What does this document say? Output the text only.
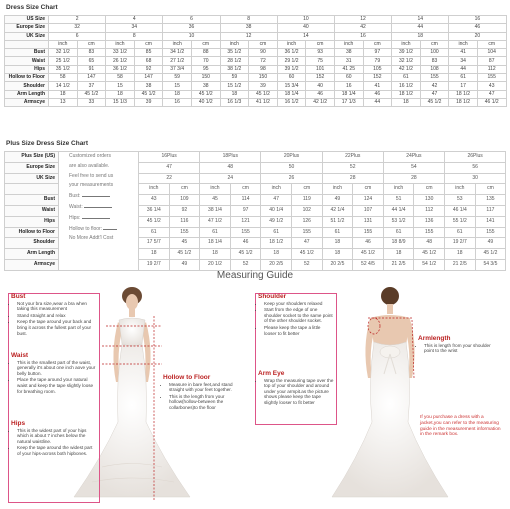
Dress Size Chart
US Size	2		4		6		8		10		12		14		16	
Europe Size	32		34		36		38		40		42		44		46	
UK Size	6		8		10		12		14		16		18		20	
	inch	cm	inch	cm	inch	cm	inch	cm	inch	cm	inch	cm	inch	cm	inch	cm
Bust	32 1/2	83	33 1/2	85	34 1/2	88	35 1/2	90	36 1/2	93	38	97	39 1/2	100	41	104
Waist	25 1/2	65	26 1/2	68	27 1/2	70	28 1/2	72	29 1/2	75	31	79	32 1/2	83	34	87
Hips	35 1/2	91	36 1/2	92	37 3/4	95	38 1/2	98	39 1/2	101	41 25	105	42 1/2	108	44	112
Hollow to Floor	58	147	58	147	59	150	59	150	60	152	60	152	61	155	61	155
Shoulder	14 1/2	37	15	38	15	38	15 1/2	39	15 3/4	40	16	41	16 1/2	42	17	43
Arm Length	18	45 1/2	18	45 1/2	18	45 1/2	18	45 1/2	18 1/4	46	18 1/4	46	18 1/2	47	18 1/2	47
Armscye	13	33	15 1/3	39	16	40 1/2	16 1/3	41 1/2	16 1/2	42 1/2	17 1/3	44	18	45 1/2	18 1/2	46 1/2
Plus Size Dress Size Chart
Plus Size (US)		16Plus		18Plus		20Plus		22Plus		24Plus		26Plus	
Europe Size		47		48		50		52		54		56	
UK Size		22		24		26		28		28		30	
		inch	cm	inch	cm	inch	cm	inch	cm	inch	cm	inch	cm
Bust		43	109	45	114	47	119	49	124	51	130	53	135
Waist		36 1/4	92	38 1/4	97	40 1/4	102	42 1/4	107	44 1/4	112	46 1/4	117
Hips		45 1/2	116	47 1/2	121	49 1/2	126	51 1/2	131	53 1/2	136	55 1/2	141
Hollow to Floor		61	155	61	155	61	155	61	155	61	155	61	155
Shoulder		17 5/7	45	18 1/4	46	18 1/2	47	18	46	18 8/9	48	19 2/7	49
Arm Length		18	45 1/2	18	45 1/2	18	45 1/2	18	45 1/2	18	45 1/2	18	45 1/2
Armscye		19 2/7	49	20 1/2	52	20 2/5	52	20 2/5	52 4/5	21 2/5	54 1/2	21 2/5	54 3/5
Customized orders
are also available.
Feel free to send us
your measurements
Bust:
Waist:
Hips:
Hollow to floor:
No More Addt'l Cost
Measuring Guide
Bust
• Not your bra size,wear a bra when taking this measurement
• Stand straight and relax
• Keep the tape around your back and bring it across the fullest part of your bust.
Waist
• This is the smallest part of the waist, generally it's about one inch aove your belly button.
• Place the tape around your natural waist and keep the tape slightly loose for breathing room.
Hips
• This is the widest part of your hips which is about 7 inches below the natural waistline.
• Keep the tape around the widest part of your hips-across both hipbones.
Hollow to Floor
• Measure in bare feet,and stand straight with your feet together.
• This is the length from your hollow(hollow-between the collarbones)to the floor
Shoulder
• Keep your shoulders relaxed
• Start from the edge of one shoulder socket to the same point of the other shoulder socket.
• Please keep the tape a little looser to fit better
Arm Eye
• Wrap the measuring tape over the top of your shoulder and around under your armpit.as the picture shows please keep the tape slightly looser to fit better
Armlength
• This is length from your shoulder point to the wrist
If you purchase a dress with a jacket,you can refer to the measuring guide in the measurement information in the remark box.
